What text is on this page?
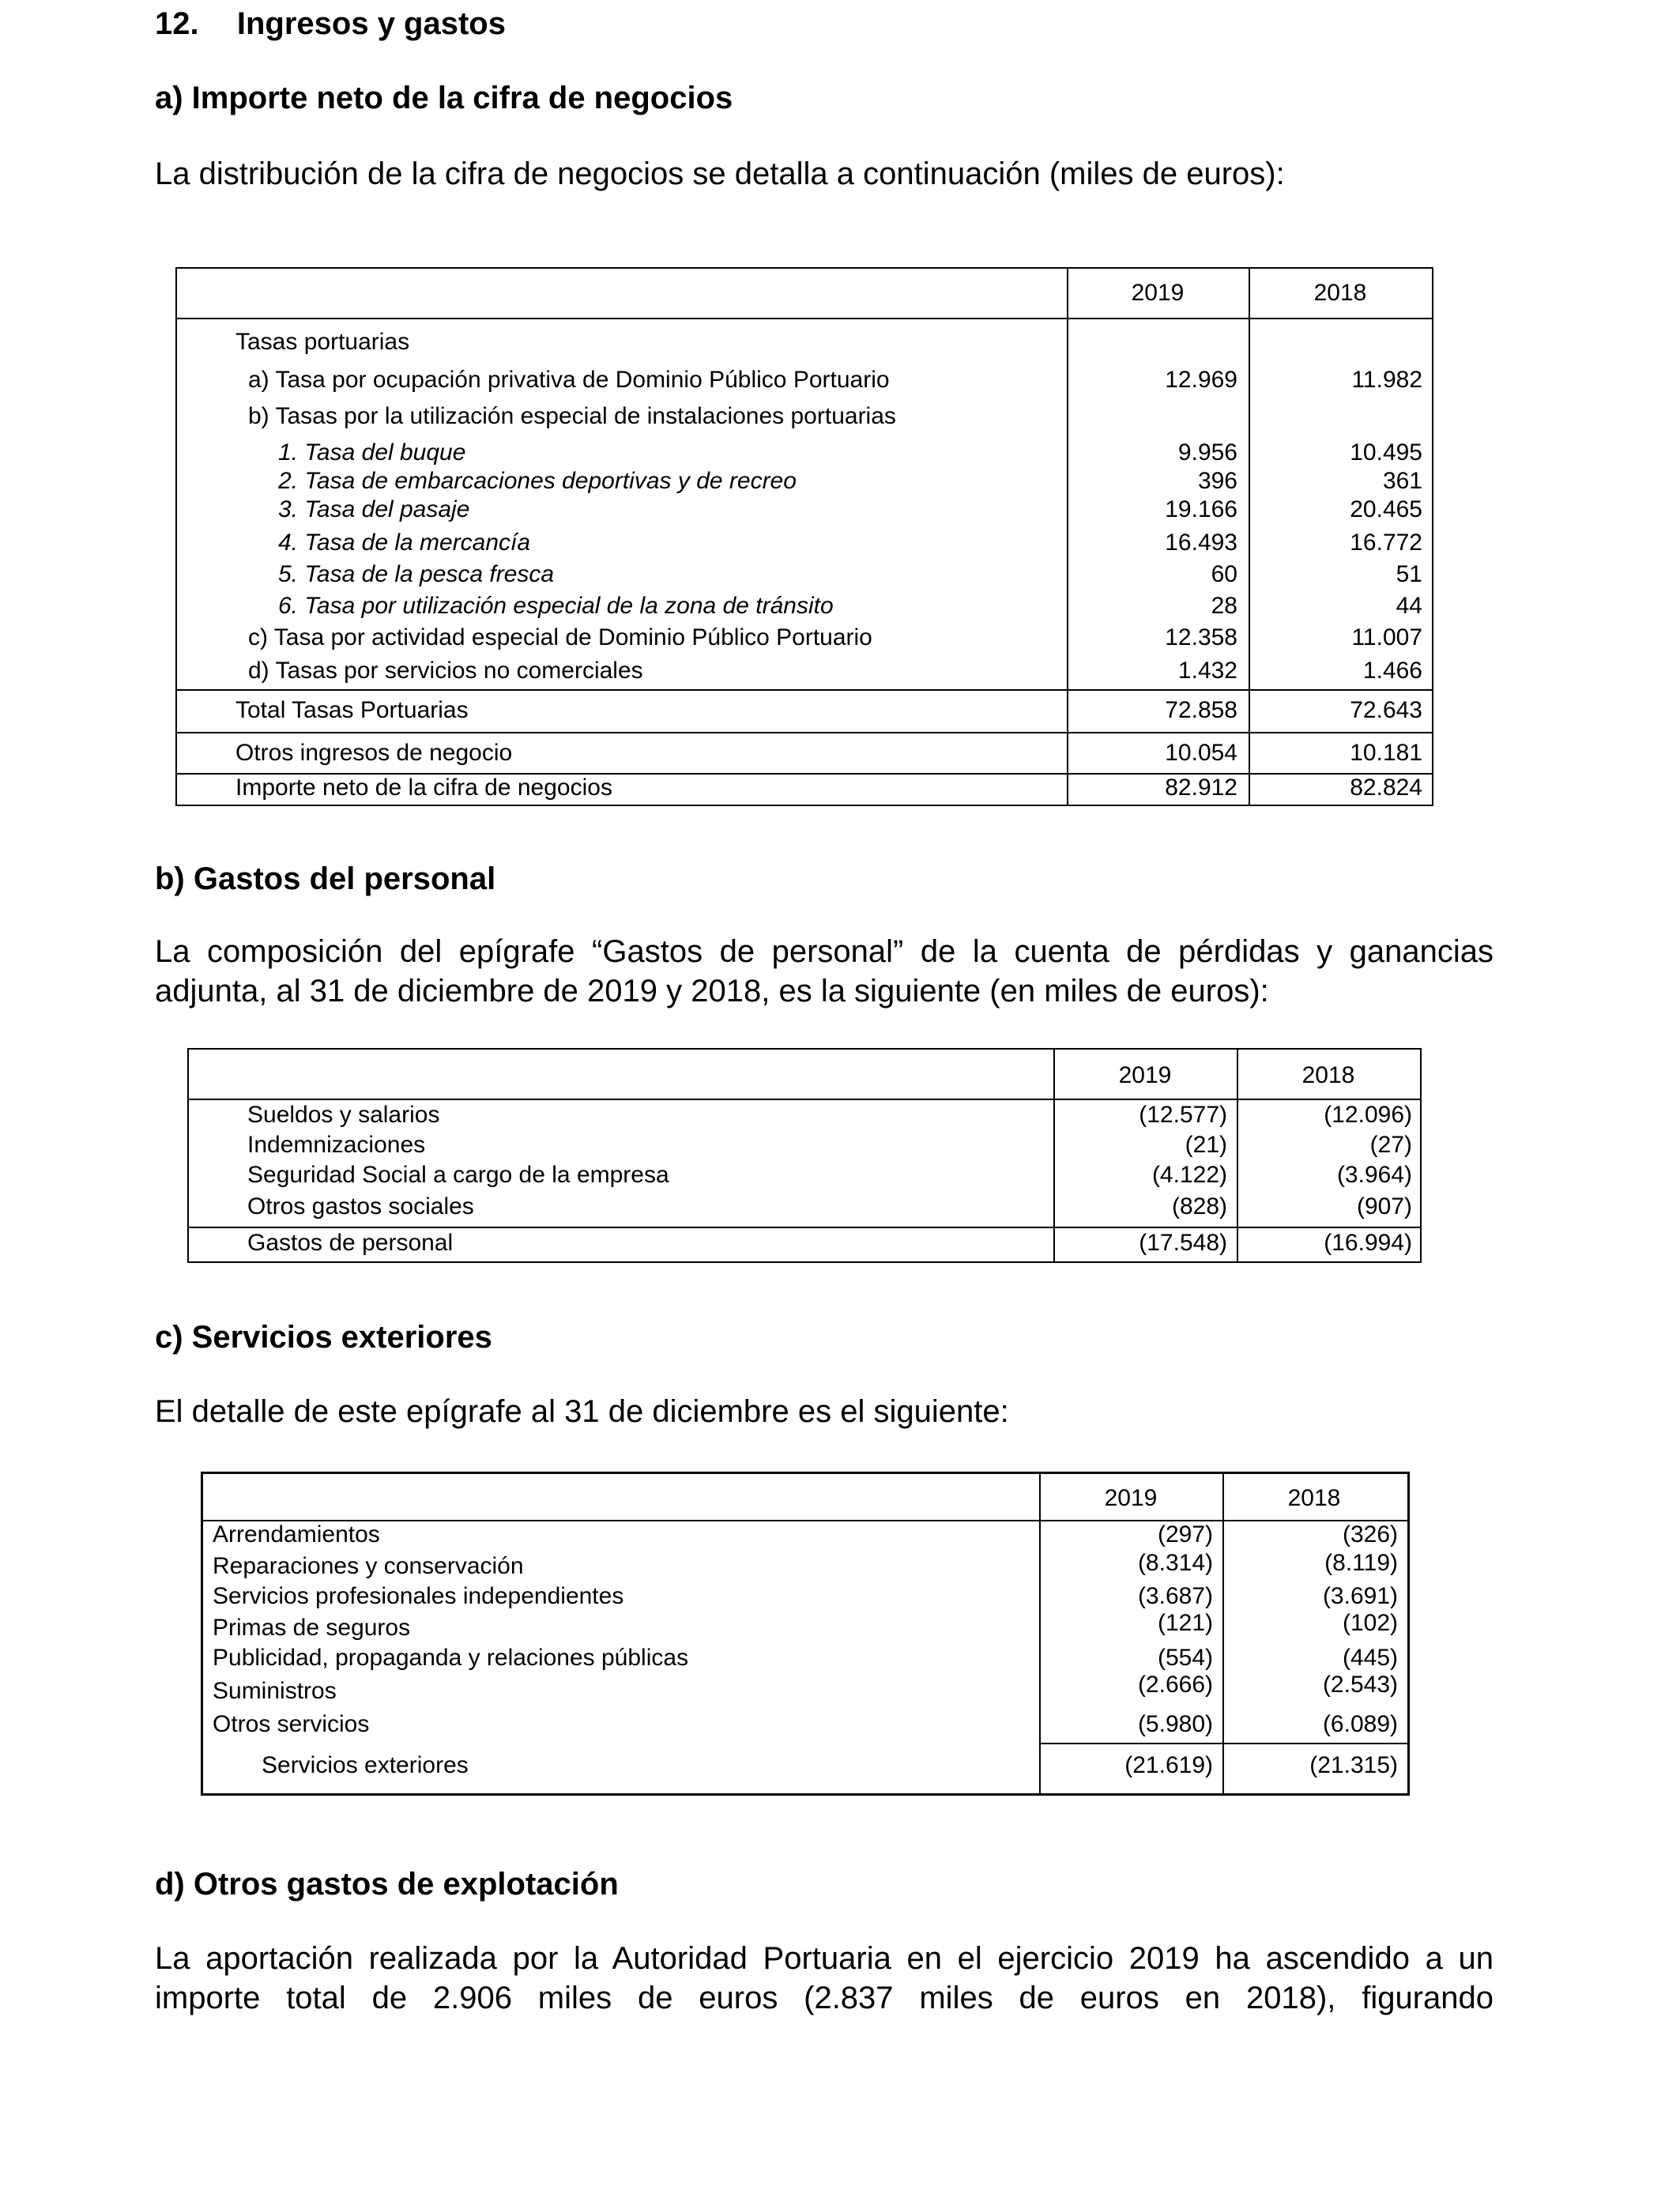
12. Ingresos y gastos
a) Importe neto de la cifra de negocios
La distribución de la cifra de negocios se detalla a continuación (miles de euros):
2019	2018
Tasas portuarias
a) Tasa por ocupación privativa de Dominio Público Portuario	12.969	11.982
b) Tasas por la utilización especial de instalaciones portuarias
1. Tasa del buque	9.956	10.495
2. Tasa de embarcaciones deportivas y de recreo	396	361
3. Tasa del pasaje	19.166	20.465
4. Tasa de la mercancía	16.493	16.772
5. Tasa de la pesca fresca	60	51
6. Tasa por utilización especial de la zona de tránsito	28	44
c) Tasa por actividad especial de Dominio Público Portuario	12.358	11.007
d) Tasas por servicios no comerciales	1.432	1.466
Total Tasas Portuarias	72.858	72.643
Otros ingresos de negocio	10.054	10.181
Importe neto de la cifra de negocios	82.912	82.824
b) Gastos del personal
La composición del epígrafe “Gastos de personal” de la cuenta de pérdidas y ganancias
adjunta, al 31 de diciembre de 2019 y 2018, es la siguiente (en miles de euros):
2019	2018
Sueldos y salarios	(12.577)	(12.096)
Indemnizaciones	(21)	(27)
Seguridad Social a cargo de la empresa	(4.122)	(3.964)
Otros gastos sociales	(828)	(907)
Gastos de personal	(17.548)	(16.994)
c) Servicios exteriores
El detalle de este epígrafe al 31 de diciembre es el siguiente:
2019	2018
Arrendamientos	(297)	(326)
Reparaciones y conservación	(8.314)	(8.119)
Servicios profesionales independientes	(3.687)	(3.691)
Primas de seguros	(121)	(102)
Publicidad, propaganda y relaciones públicas	(554)	(445)
Suministros	(2.666)	(2.543)
Otros servicios	(5.980)	(6.089)
Servicios exteriores	(21.619)	(21.315)
d) Otros gastos de explotación
La aportación realizada por la Autoridad Portuaria en el ejercicio 2019 ha ascendido a un
importe total de 2.906 miles de euros (2.837 miles de euros en 2018), figurando
